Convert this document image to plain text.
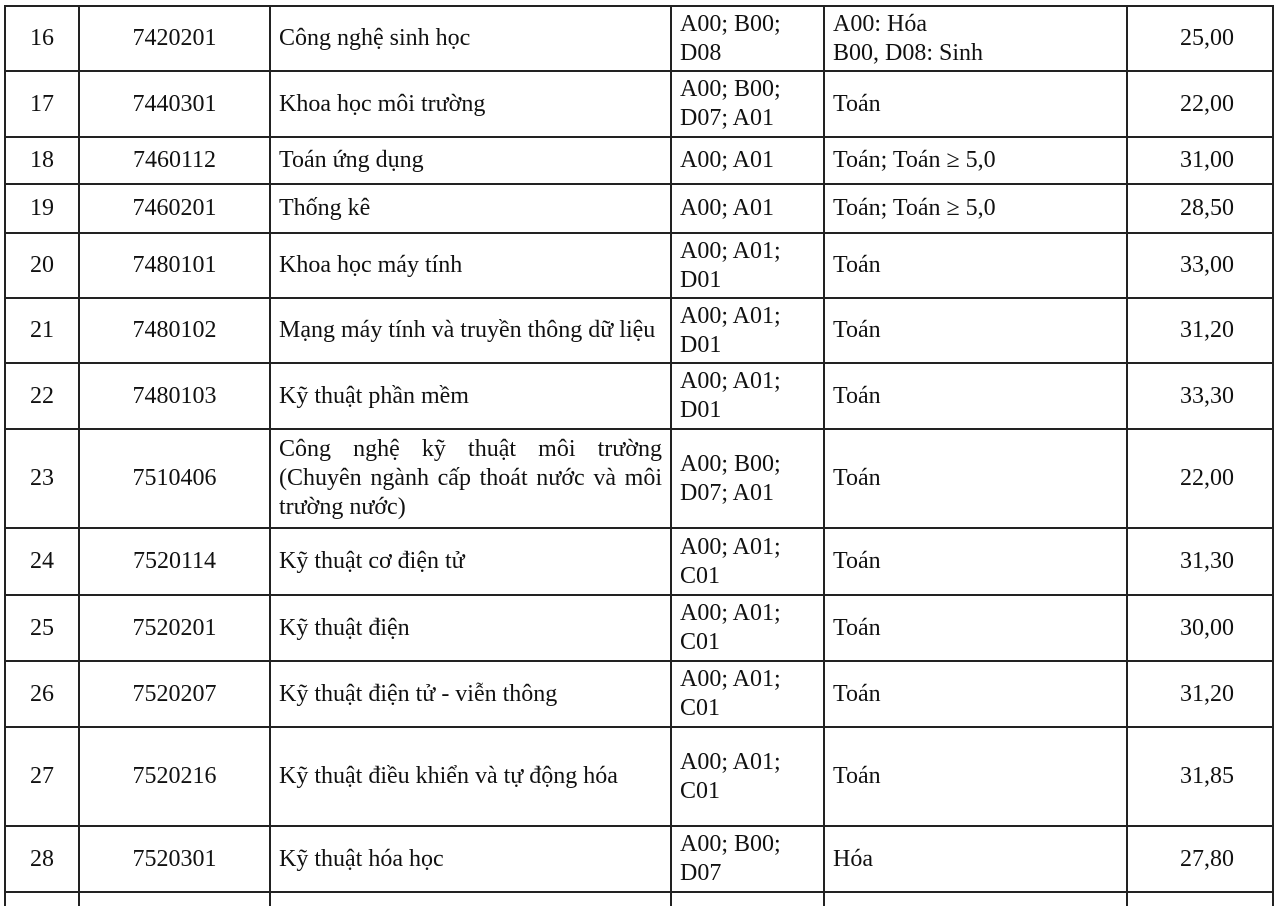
16	7420201	Công nghệ sinh học	A00; B00;
D08	A00: Hóa
B00, D08: Sinh	25,00
17	7440301	Khoa học môi trường	A00; B00;
D07; A01	Toán	22,00
18	7460112	Toán ứng dụng	A00; A01	Toán; Toán ≥ 5,0	31,00
19	7460201	Thống kê	A00; A01	Toán; Toán ≥ 5,0	28,50
20	7480101	Khoa học máy tính	A00; A01;
D01	Toán	33,00
21	7480102	Mạng máy tính và truyền thông dữ liệu	A00; A01;
D01	Toán	31,20
22	7480103	Kỹ thuật phần mềm	A00; A01;
D01	Toán	33,30
23	7510406	Công nghệ kỹ thuật môi trường (Chuyên ngành cấp thoát nước và môi trường nước)	A00; B00;
D07; A01	Toán	22,00
24	7520114	Kỹ thuật cơ điện tử	A00; A01;
C01	Toán	31,30
25	7520201	Kỹ thuật điện	A00; A01;
C01	Toán	30,00
26	7520207	Kỹ thuật điện tử - viễn thông	A00; A01;
C01	Toán	31,20
27	7520216	Kỹ thuật điều khiển và tự động hóa	A00; A01;
C01	Toán	31,85
28	7520301	Kỹ thuật hóa học	A00; B00;
D07	Hóa	27,80
